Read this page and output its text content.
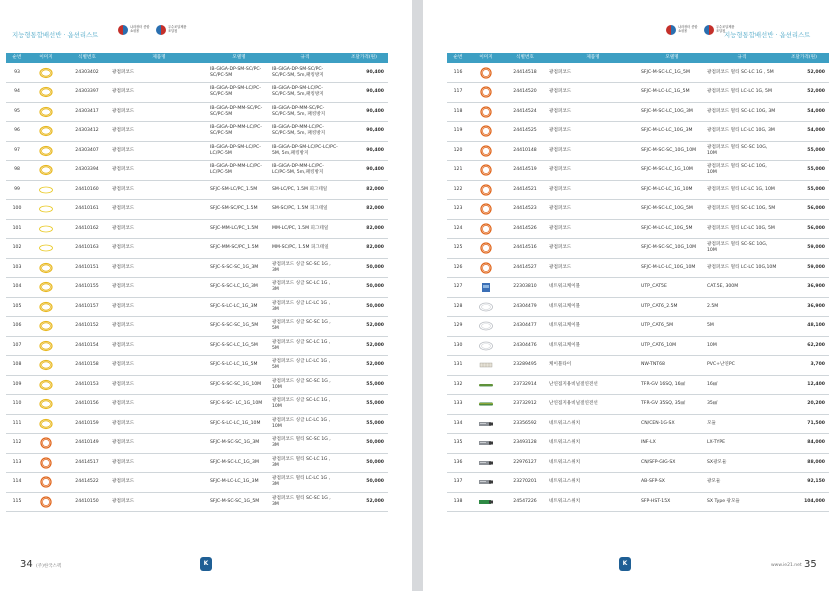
지능형통합배선반 · 옵션리스트
나라장터 종합쇼핑몰
우수조달제품 조달청
순번	이미지	식별번호	제품명	모델명	규격	조달가격(원)
93		24303402	광점퍼코드	IB-GIGA-DP-SM-SC/PC-SC/PC-5M	IB-GIGA-DP-SM-SC/PC-SC/PC-5M, 5m,패킹방지	90,400
94		24303397	광점퍼코드	IB-GIGA-DP-SM-LC/PC-SC/PC-5M	IB-GIGA-DP-SM-LC/PC-SC/PC-5M, 5m,패킹방지	90,400
95		24303417	광점퍼코드	IB-GIGA-DP-MM-SC/PC-SC/PC-5M	IB-GIGA-DP-MM-SC/PC-SC/PC-5M, 5m, 패킹방지	90,400
96		24303412	광점퍼코드	IB-GIGA-DP-MM-LC/PC-SC/PC-5M	IB-GIGA-DP-MM-LC/PC-SC/PC-5M, 5m, 패킹방지	90,400
97		24303407	광점퍼코드	IB-GIGA-DP-SM-LC/PC-LC/PC-5M	IB-GIGA-DP-SM-LC/PC-LC/PC-5M, 5m,패킹방지	90,400
98		24303394	광점퍼코드	IB-GIGA-DP-MM-LC/PC-LC/PC-5M	IB-GIGA-DP-MM-LC/PC-LC/PC-5M, 5m,패킹방지	90,400
99		24410160	광점퍼코드	SFJC-SM-LC/PC_1.5M	SM-LC/PC, 1.5M 피그테일	82,000
100		24410161	광점퍼코드	SFJC-SM-SC/PC_1.5M	SM-SC/PC, 1.5M 피그테일	82,000
101		24410162	광점퍼코드	SFJC-MM-LC/PC_1.5M	MM-LC/PC, 1.5M 피그테일	82,000
102		24410163	광점퍼코드	SFJC-MM-SC/PC_1.5M	MM-SC/PC, 1.5M 피그테일	82,000
103		24410151	광점퍼코드	SFJC-S-SC-SC_1G_3M	광점퍼코드 싱글 SC-SC 1G , 3M	50,000
104		24410155	광점퍼코드	SFJC-S-SC-LC_1G_3M	광점퍼코드 싱글 SC-LC 1G , 3M	50,000
105		24410157	광점퍼코드	SFJC-S-LC-LC_1G_3M	광점퍼코드 싱글 LC-LC 1G , 3M	50,000
106		24410152	광점퍼코드	SFJC-S-SC-SC_1G_5M	광점퍼코드 싱글 SC-SC 1G , 5M	52,000
107		24410154	광점퍼코드	SFJC-S-SC-LC_1G_5M	광점퍼코드 싱글 SC-LC 1G , 5M	52,000
108		24410158	광점퍼코드	SFJC-S-LC-LC_1G_5M	광점퍼코드 싱글 LC-LC 1G , 5M	52,000
109		24410153	광점퍼코드	SFJC-S-SC-SC_1G_10M	광점퍼코드 싱글 SC-SC 1G , 10M	55,000
110		24410156	광점퍼코드	SFJC-S-SC- LC_1G_10M	광점퍼코드 싱글 SC-LC 1G , 10M	55,000
111		24410159	광점퍼코드	SFJC-S-LC-LC_1G_10M	광점퍼코드 싱글 LC-LC 1G , 10M	55,000
112		24410149	광점퍼코드	SFJC-M-SC-SC_1G_3M	광점퍼코드 멀티 SC-SC 1G , 3M	50,000
113		24414517	광점퍼코드	SFJC-M-SC-LC_1G_3M	광점퍼코드 멀티 SC-LC 1G , 3M	50,000
114		24414522	광점퍼코드	SFJC-M-LC-LC_1G_3M	광점퍼코드 멀티 LC-LC 1G , 3M	50,000
115		24410150	광점퍼코드	SFJC-M-SC-SC_1G_5M	광점퍼코드 멀티 SC-SC 1G , 3M	52,000
34 (주)한국스펙	K
나라장터 종합쇼핑몰
우수조달제품 조달청
지능형통합배선반 · 옵션리스트
순번	이미지	식별번호	제품명	모델명	규격	조달가격(원)
116		24414518	광점퍼코드	SFJC-M-SC-LC_1G_5M	광점퍼코드 멀티 SC-LC 1G , 5M	52,000
117		24414520	광점퍼코드	SFJC-M-LC-LC_1G_5M	광점퍼코드 멀티 LC-LC 1G, 5M	52,000
118		24414524	광점퍼코드	SFJC-M-SC-LC_10G_3M	광점퍼코드 멀티 SC-LC 10G, 3M	54,000
119		24414525	광점퍼코드	SFJC-M-LC-LC_10G_3M	광점퍼코드 멀티 LC-LC 10G, 3M	54,000
120		24410148	광점퍼코드	SFJC-M-SC-SC_10G_10M	광점퍼코드 멀티 SC-SC 10G, 10M	55,000
121		24414519	광점퍼코드	SFJC-M-SC-LC_1G_10M	광점퍼코드 멀티 SC-LC 10G, 10M	55,000
122		24414521	광점퍼코드	SFJC-M-LC-LC_1G_10M	광점퍼코드 멀티 LC-LC 1G, 10M	55,000
123		24414523	광점퍼코드	SFJC-M-SC-LC_10G_5M	광점퍼코드 멀티 SC-LC 10G, 5M	56,000
124		24414526	광점퍼코드	SFJC-M-LC-LC_10G_5M	광점퍼코드 멀티 LC-LC 10G, 5M	56,000
125		24414516	광점퍼코드	SFJC-M-SC-SC_10G_10M	광점퍼코드 멀티 SC-SC 10G, 10M	59,000
126		24414527	광점퍼코드	SFJC-M-LC-LC_10G_10M	광점퍼코드 멀티 LC-LC 10G,10M	59,000
127		22303810	네트워크케이블	UTP_CAT5E	CAT.5E, 300M	36,900
128		24304479	네트워크케이블	UTP_CAT6_2.5M	2.5M	36,900
129		24304477	네트워크케이블	UTP_CAT6_5M	5M	48,100
130		24304476	네트워크케이블	UTP_CAT6_10M	10M	62,200
131		23289495	케이블타이	NW-TNT68	PVC+난연PC	3,700
132		23732914	난연접지용비닐절연전선	TFR-GV 16SQ, 16㎟	16㎟	12,400
133		23732912	난연접지용비닐절연전선	TFR-GV 35SQ, 35㎟	35㎟	20,200
134		23356592	네트워크스위치	CN/CEN-1G-SX	모듈	71,500
135		23493128	네트워크스위치	INF-LX	LX-TYPE	84,000
136		22976127	네트워크스위치	CN/SFP-GIG-SX	SX광모듈	88,000
137		23270201	네트워크스위치	AB-SFP-SX	광모듈	92,150
138		24547226	네트워크스위치	SFP-HST-15X	SX Type 광모듈	104,000
K	www.ie21.net 35
